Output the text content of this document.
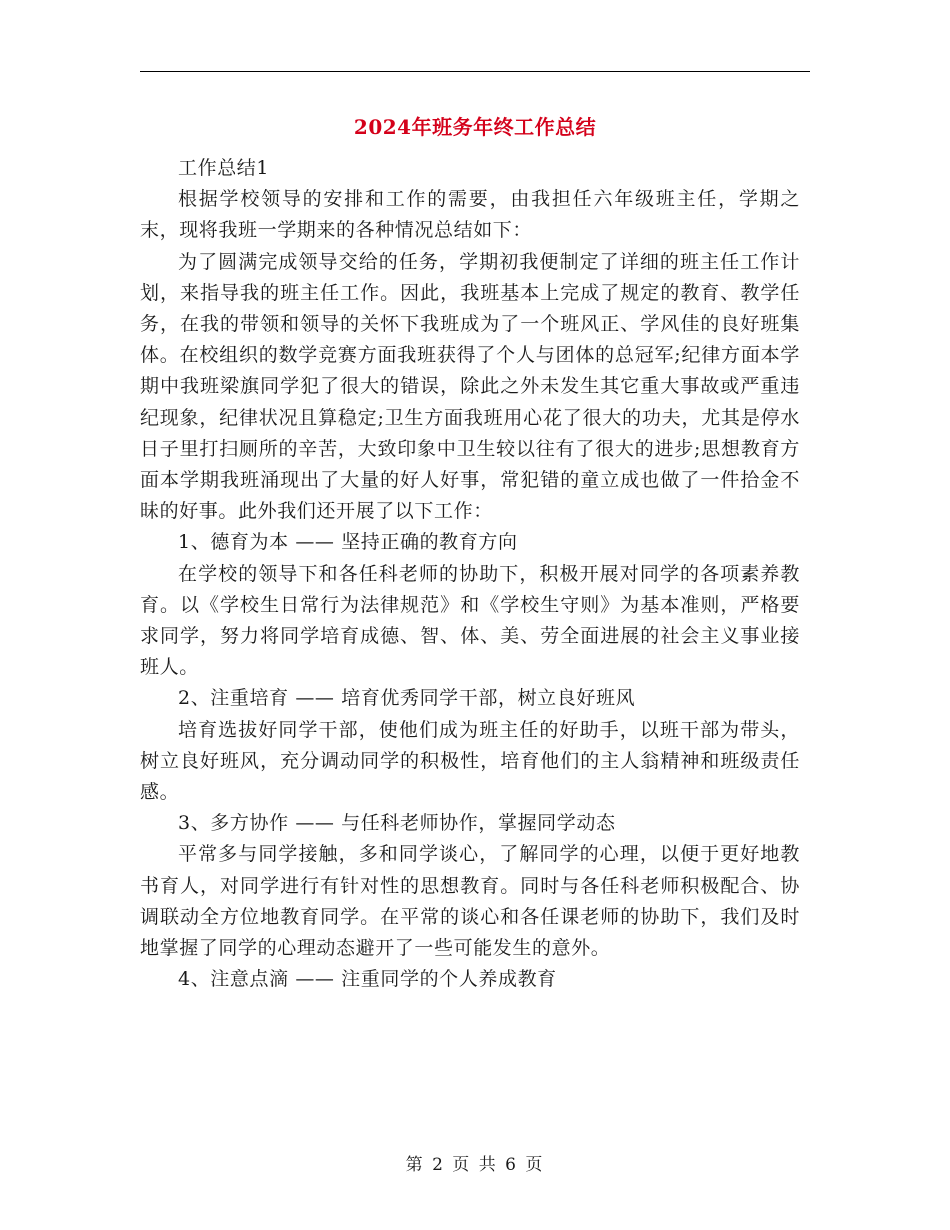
2024年班务年终工作总结

工作总结1

根据学校领导的安排和工作的需要，由我担任六年级班主任，学期之末，现将我班一学期来的各种情况总结如下：

为了圆满完成领导交给的任务，学期初我便制定了详细的班主任工作计划，来指导我的班主任工作。因此，我班基本上完成了规定的教育、教学任务，在我的带领和领导的关怀下我班成为了一个班风正、学风佳的良好班集体。在校组织的数学竞赛方面我班获得了个人与团体的总冠军;纪律方面本学期中我班梁旗同学犯了很大的错误，除此之外未发生其它重大事故或严重违纪现象，纪律状况且算稳定;卫生方面我班用心花了很大的功夫，尤其是停水日子里打扫厕所的辛苦，大致印象中卫生较以往有了很大的进步;思想教育方面本学期我班涌现出了大量的好人好事，常犯错的童立成也做了一件拾金不昧的好事。此外我们还开展了以下工作：

1、德育为本 —— 坚持正确的教育方向

在学校的领导下和各任科老师的协助下，积极开展对同学的各项素养教育。以《学校生日常行为法律规范》和《学校生守则》为基本准则，严格要求同学，努力将同学培育成德、智、体、美、劳全面进展的社会主义事业接班人。

2、注重培育 —— 培育优秀同学干部，树立良好班风

培育选拔好同学干部，使他们成为班主任的好助手，以班干部为带头，树立良好班风，充分调动同学的积极性，培育他们的主人翁精神和班级责任感。

3、多方协作 —— 与任科老师协作，掌握同学动态

平常多与同学接触，多和同学谈心，了解同学的心理，以便于更好地教书育人，对同学进行有针对性的思想教育。同时与各任科老师积极配合、协调联动全方位地教育同学。在平常的谈心和各任课老师的协助下，我们及时地掌握了同学的心理动态避开了一些可能发生的意外。

4、注意点滴 —— 注重同学的个人养成教育

第 2 页 共 6 页
